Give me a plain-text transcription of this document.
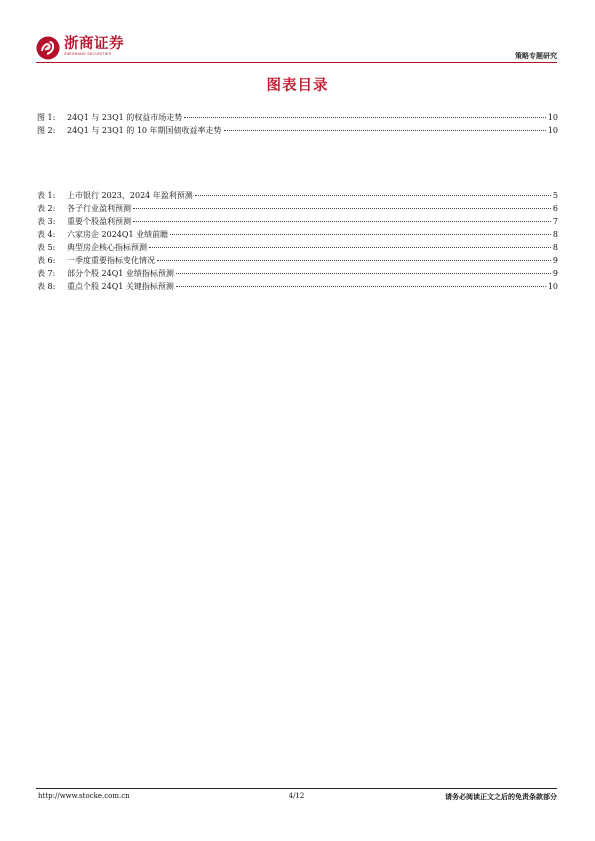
浙商证券
ZHESHANG SECURITIES	策略专题研究
图表目录
图 1:	24Q1 与 23Q1 的权益市场走势	10
图 2:	24Q1 与 23Q1 的 10 年期国债收益率走势	10
表 1:	上市银行 2023、2024 年盈利预测	5
表 2:	各子行业盈利预测	6
表 3:	重要个股盈利预测	7
表 4:	六家房企 2024Q1 业绩前瞻	8
表 5:	典型房企核心指标预测	8
表 6:	一季度重要指标变化情况	9
表 7:	部分个股 24Q1 业绩指标预测	9
表 8:	重点个股 24Q1 关键指标预测	10
http://www.stocke.com.cn	4/12	请务必阅读正文之后的免责条款部分
